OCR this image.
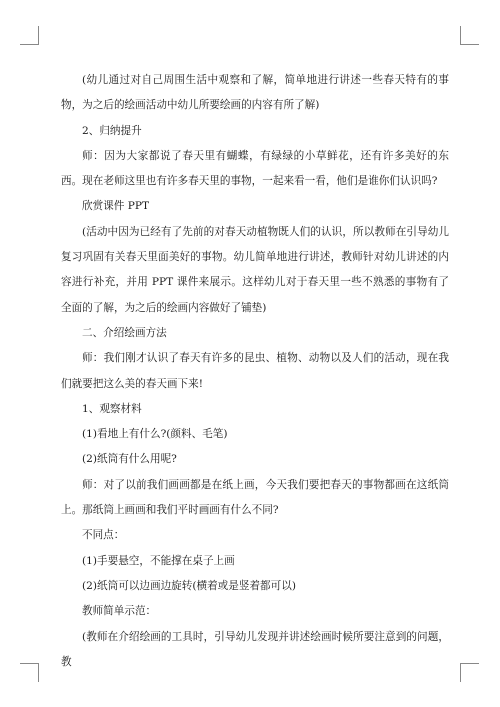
(幼儿通过对自己周围生活中观察和了解，简单地进行讲述一些春天特有的事物，为之后的绘画活动中幼儿所要绘画的内容有所了解)

2、归纳提升

师：因为大家都说了春天里有蝴蝶，有绿绿的小草鲜花，还有许多美好的东西。现在老师这里也有许多春天里的事物，一起来看一看，他们是谁你们认识吗?

欣赏课件 PPT

(活动中因为已经有了先前的对春天动植物既人们的认识，所以教师在引导幼儿复习巩固有关春天里面美好的事物。幼儿简单地进行讲述，教师针对幼儿讲述的内容进行补充，并用 PPT 课件来展示。这样幼儿对于春天里一些不熟悉的事物有了全面的了解，为之后的绘画内容做好了铺垫)

二、介绍绘画方法

师：我们刚才认识了春天有许多的昆虫、植物、动物以及人们的活动，现在我们就要把这么美的春天画下来!

1、观察材料

(1)看地上有什么?(颜料、毛笔)

(2)纸筒有什么用呢?

师：对了以前我们画画都是在纸上画，今天我们要把春天的事物都画在这纸筒上。那纸筒上画画和我们平时画画有什么不同?

不同点：

(1)手要悬空，不能撑在桌子上画

(2)纸筒可以边画边旋转(横着或是竖着都可以)

教师简单示范：

(教师在介绍绘画的工具时，引导幼儿发现并讲述绘画时候所要注意到的问题，教
